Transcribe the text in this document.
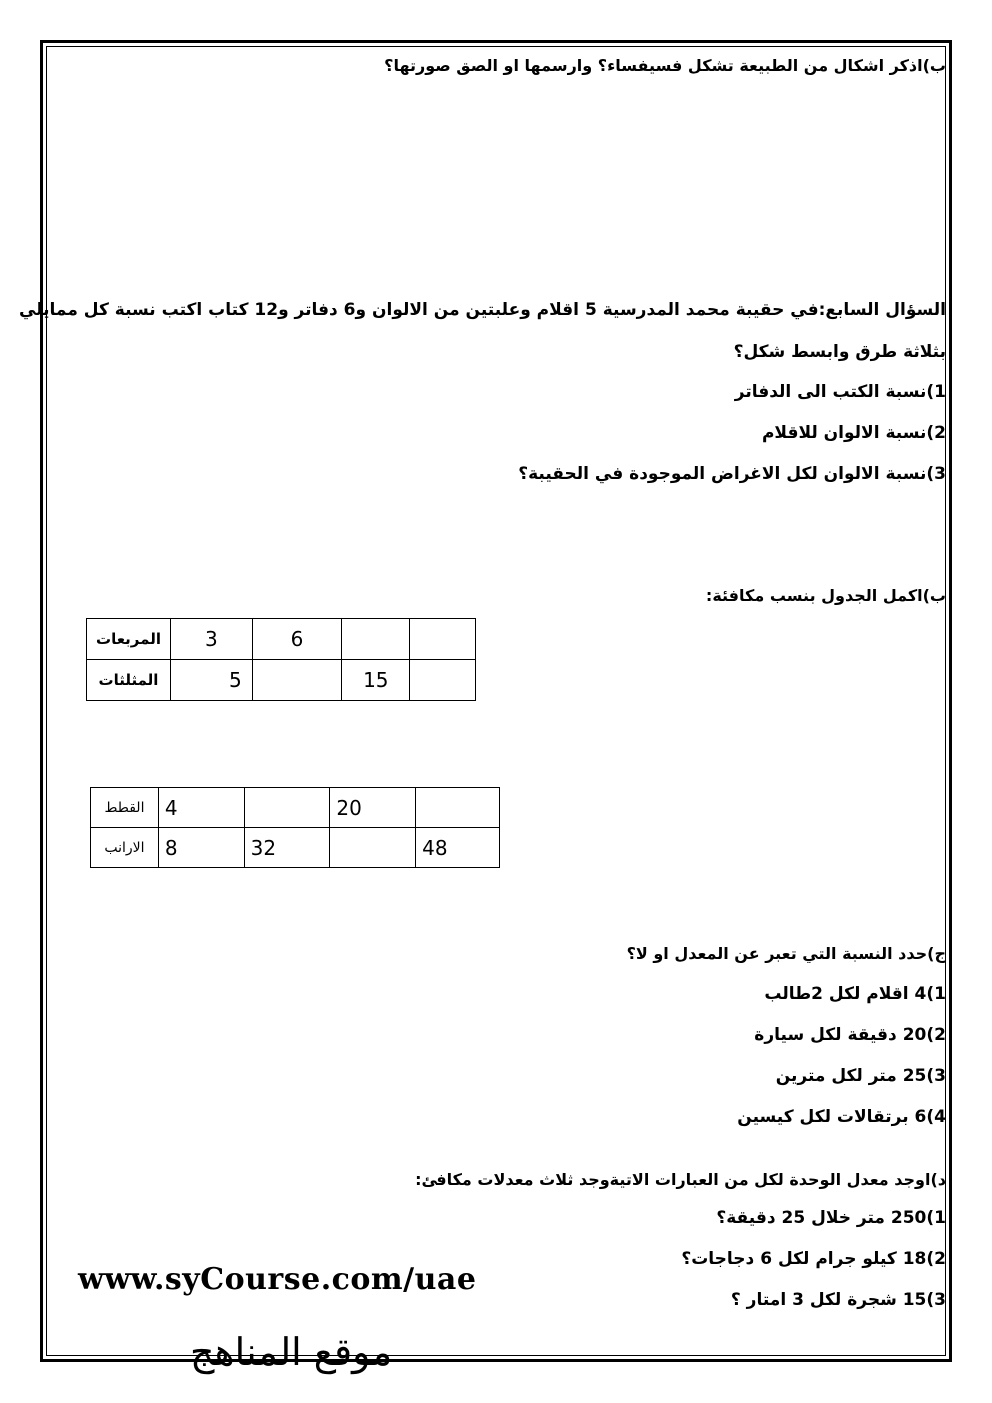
ب)اذكر اشكال من الطبيعة تشكل فسيفساء؟ وارسمها او الصق صورتها؟
السؤال السابع:في حقيبة محمد المدرسية 5 اقلام وعلبتين من الالوان و6 دفاتر و12 كتاب اكتب نسبة كل ممايلي
بثلاثة طرق وابسط شكل؟
1)نسبة الكتب الى الدفاتر
2)نسبة الالوان للاقلام
3)نسبة الالوان لكل الاغراض الموجودة في الحقيبة؟
ب)اكمل الجدول بنسب مكافئة:
المربعات	3	6		
المثلثات	5		15	
القطط	4		20	
الارانب	8	32		48
ج)حدد النسبة التي تعبر عن المعدل او لا؟
1)4 اقلام لكل 2طالب
2)20 دقيقة لكل سيارة
3)25 متر لكل مترين
4)6 برتقالات لكل كيسين
د)اوجد معدل الوحدة لكل من العبارات الاتيةوجد ثلاث معدلات مكافئ:
1)250 متر خلال 25 دقيقة؟
2)18 كيلو جرام لكل 6 دجاجات؟
3)15 شجرة لكل 3 امتار ؟
www.syCourse.com/uae
موقع المناهج
